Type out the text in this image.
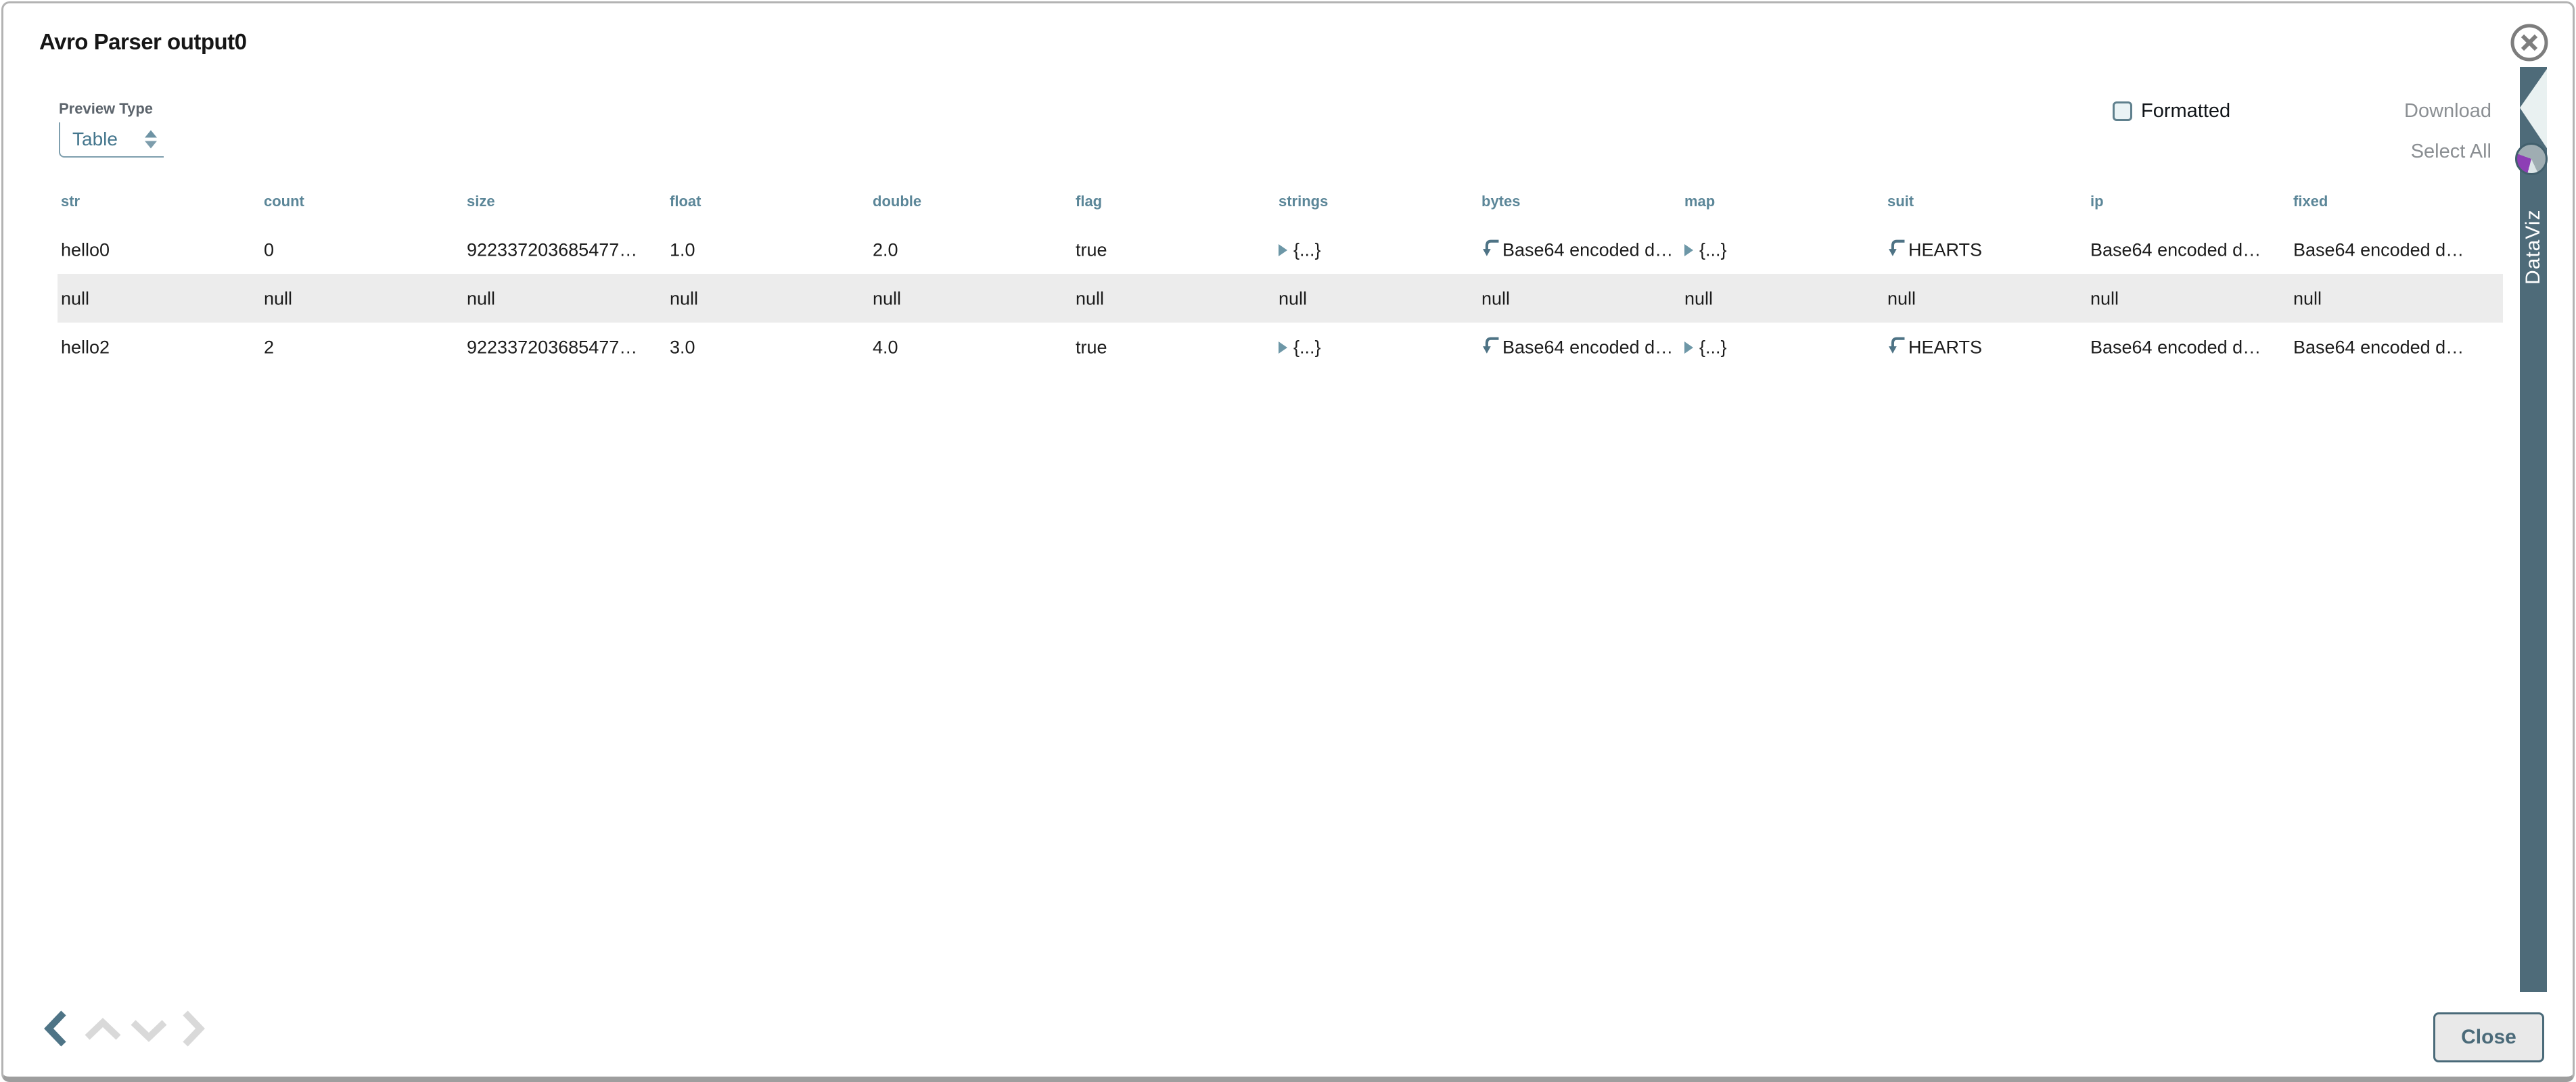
Avro Parser output0
Preview Type
Table
Formatted	Download
Select All
str	count	size	float	double	flag	strings	bytes	map	suit	ip	fixed
hello0	0	922337203685477…	1.0	2.0	true	{...}	Base64 encoded d…	{...}	HEARTS	Base64 encoded d…	Base64 encoded d…
null	null	null	null	null	null	null	null	null	null	null	null
hello2	2	922337203685477…	3.0	4.0	true	{...}	Base64 encoded d…	{...}	HEARTS	Base64 encoded d…	Base64 encoded d…
DataViz
Close
